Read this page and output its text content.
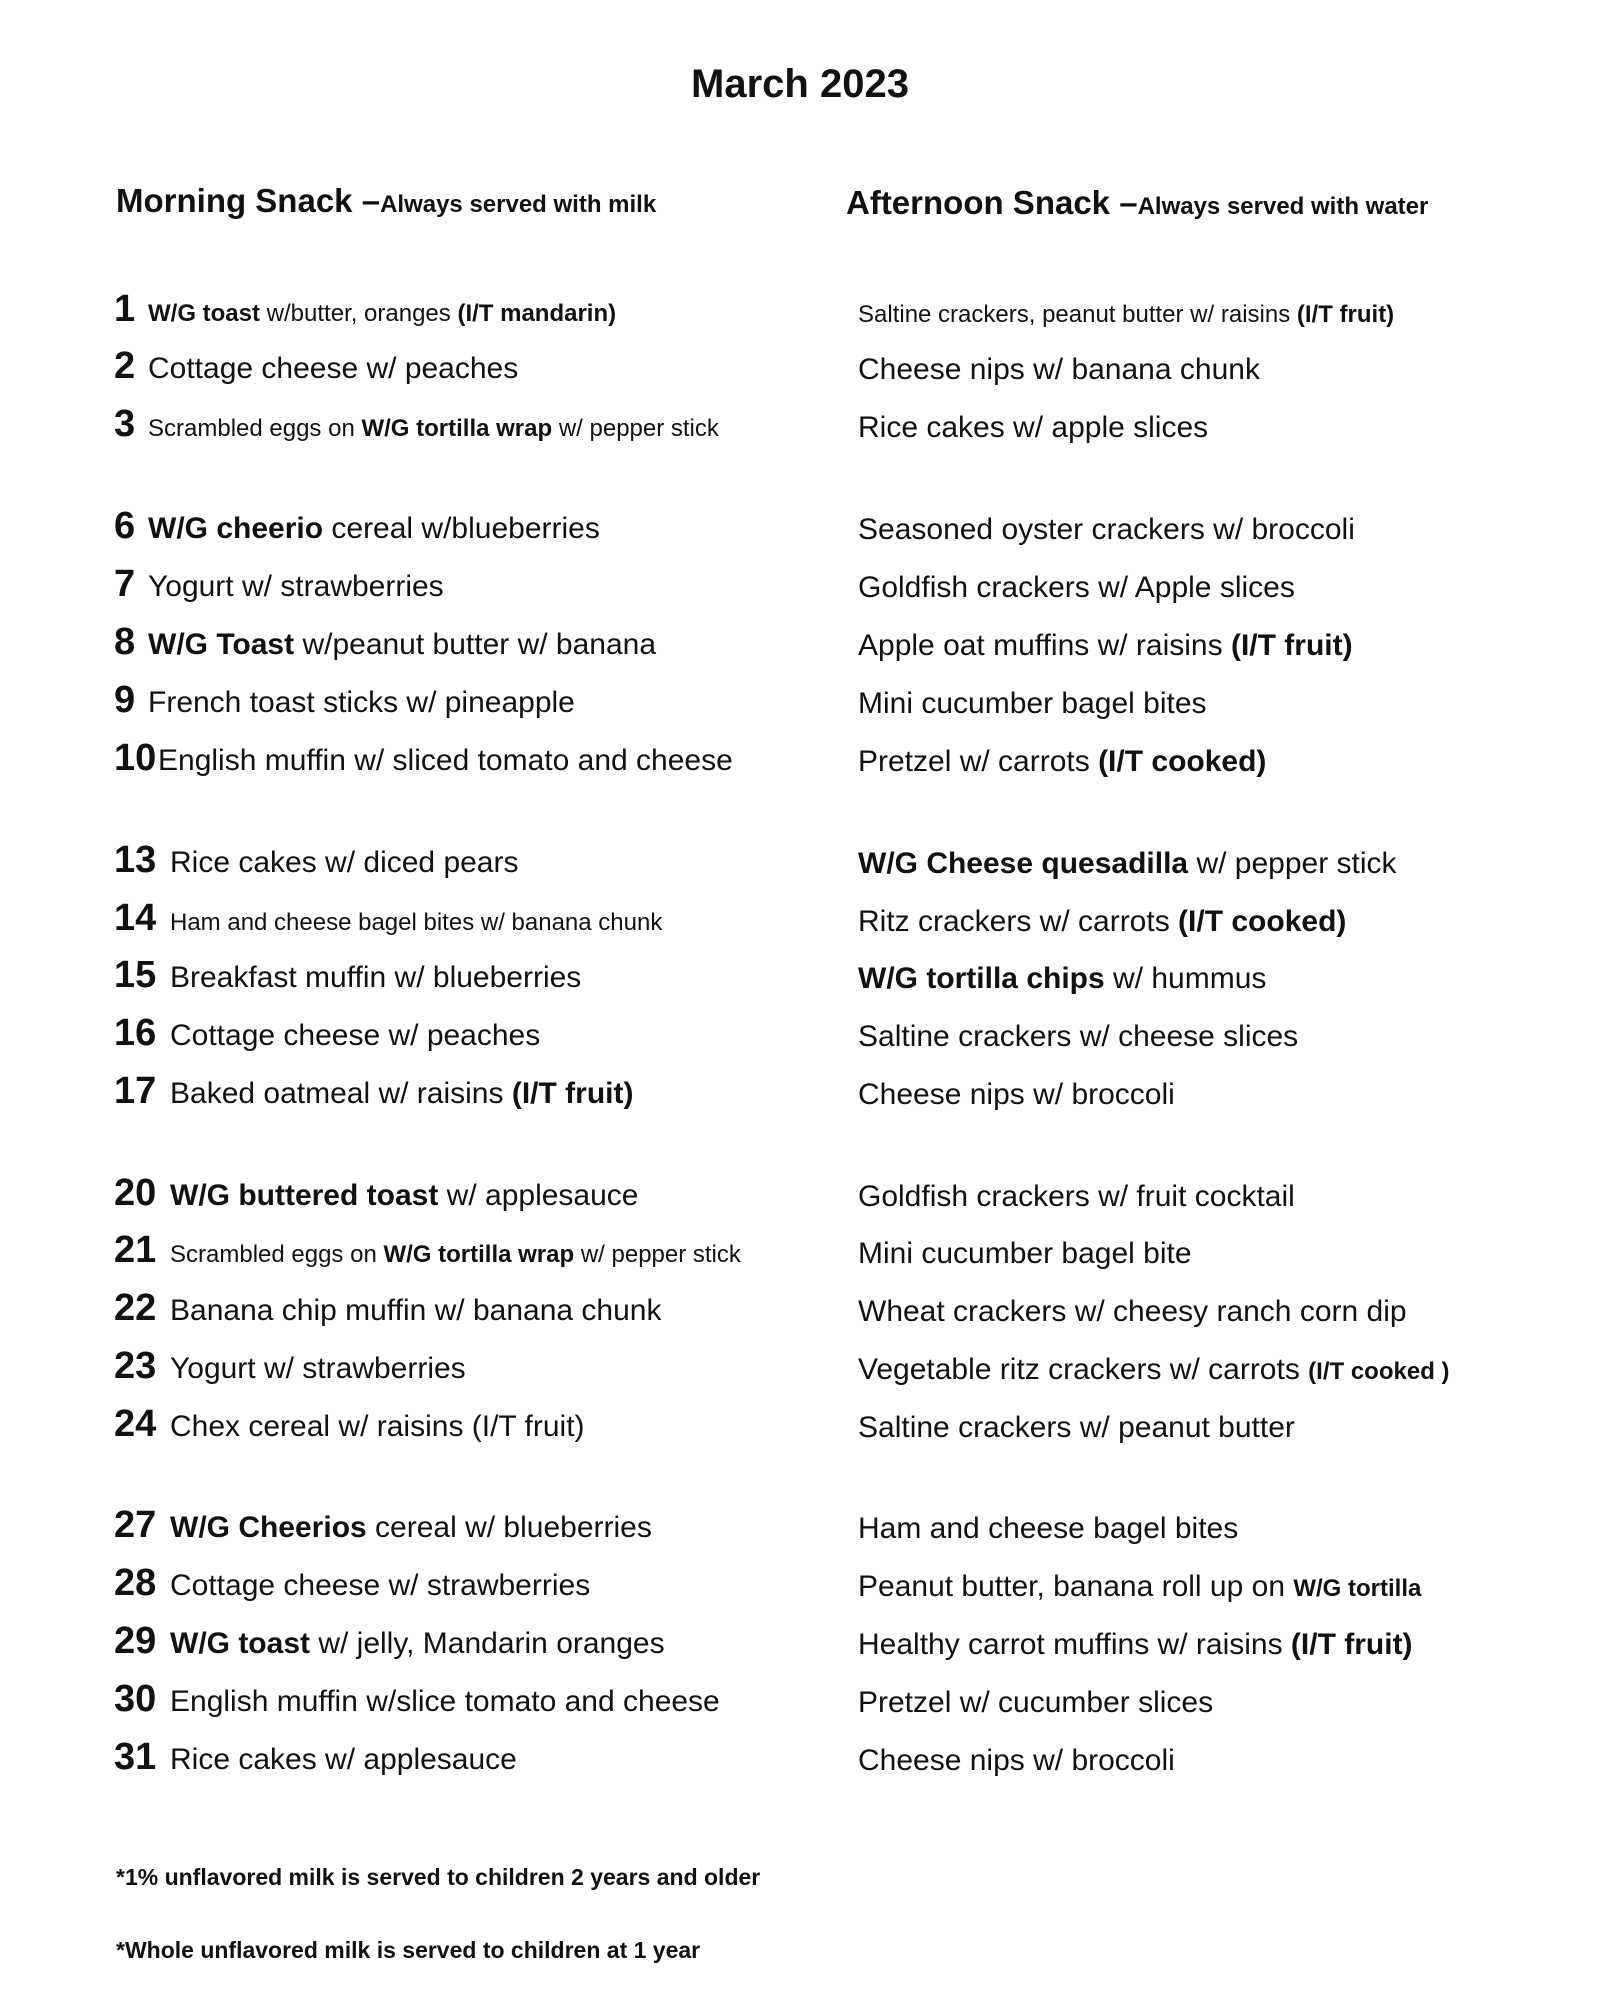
March 2023
Morning Snack –Always served with milk	Afternoon Snack –Always served with water
1 W/G toast w/butter, oranges (I/T mandarin)
2 Cottage cheese w/ peaches
3 Scrambled eggs on W/G tortilla wrap w/ pepper stick
6 W/G cheerio cereal w/blueberries
7 Yogurt w/ strawberries
8 W/G Toast w/peanut butter w/ banana
9 French toast sticks w/ pineapple
10English muffin w/ sliced tomato and cheese
13 Rice cakes w/ diced pears
14 Ham and cheese bagel bites w/ banana chunk
15 Breakfast muffin w/ blueberries
16 Cottage cheese w/ peaches
17 Baked oatmeal w/ raisins (I/T fruit)
20 W/G buttered toast w/ applesauce
21 Scrambled eggs on W/G tortilla wrap w/ pepper stick
22 Banana chip muffin w/ banana chunk
23 Yogurt w/ strawberries
24 Chex cereal w/ raisins (I/T fruit)
27 W/G Cheerios cereal w/ blueberries
28 Cottage cheese w/ strawberries
29 W/G toast w/ jelly, Mandarin oranges
30 English muffin w/slice tomato and cheese
31 Rice cakes w/ applesauce
Saltine crackers, peanut butter w/ raisins (I/T fruit)
Cheese nips w/ banana chunk
Rice cakes w/ apple slices
Seasoned oyster crackers w/ broccoli
Goldfish crackers w/ Apple slices
Apple oat muffins w/ raisins (I/T fruit)
Mini cucumber bagel bites
Pretzel w/ carrots (I/T cooked)
W/G Cheese quesadilla w/ pepper stick
Ritz crackers w/ carrots (I/T cooked)
W/G tortilla chips w/ hummus
Saltine crackers w/ cheese slices
Cheese nips w/ broccoli
Goldfish crackers w/ fruit cocktail
Mini cucumber bagel bite
Wheat crackers w/ cheesy ranch corn dip
Vegetable ritz crackers w/ carrots (I/T cooked )
Saltine crackers w/ peanut butter
Ham and cheese bagel bites
Peanut butter, banana roll up on W/G tortilla
Healthy carrot muffins w/ raisins (I/T fruit)
Pretzel w/ cucumber slices
Cheese nips w/ broccoli
*1% unflavored milk is served to children 2 years and older
*Whole unflavored milk is served to children at 1 year
